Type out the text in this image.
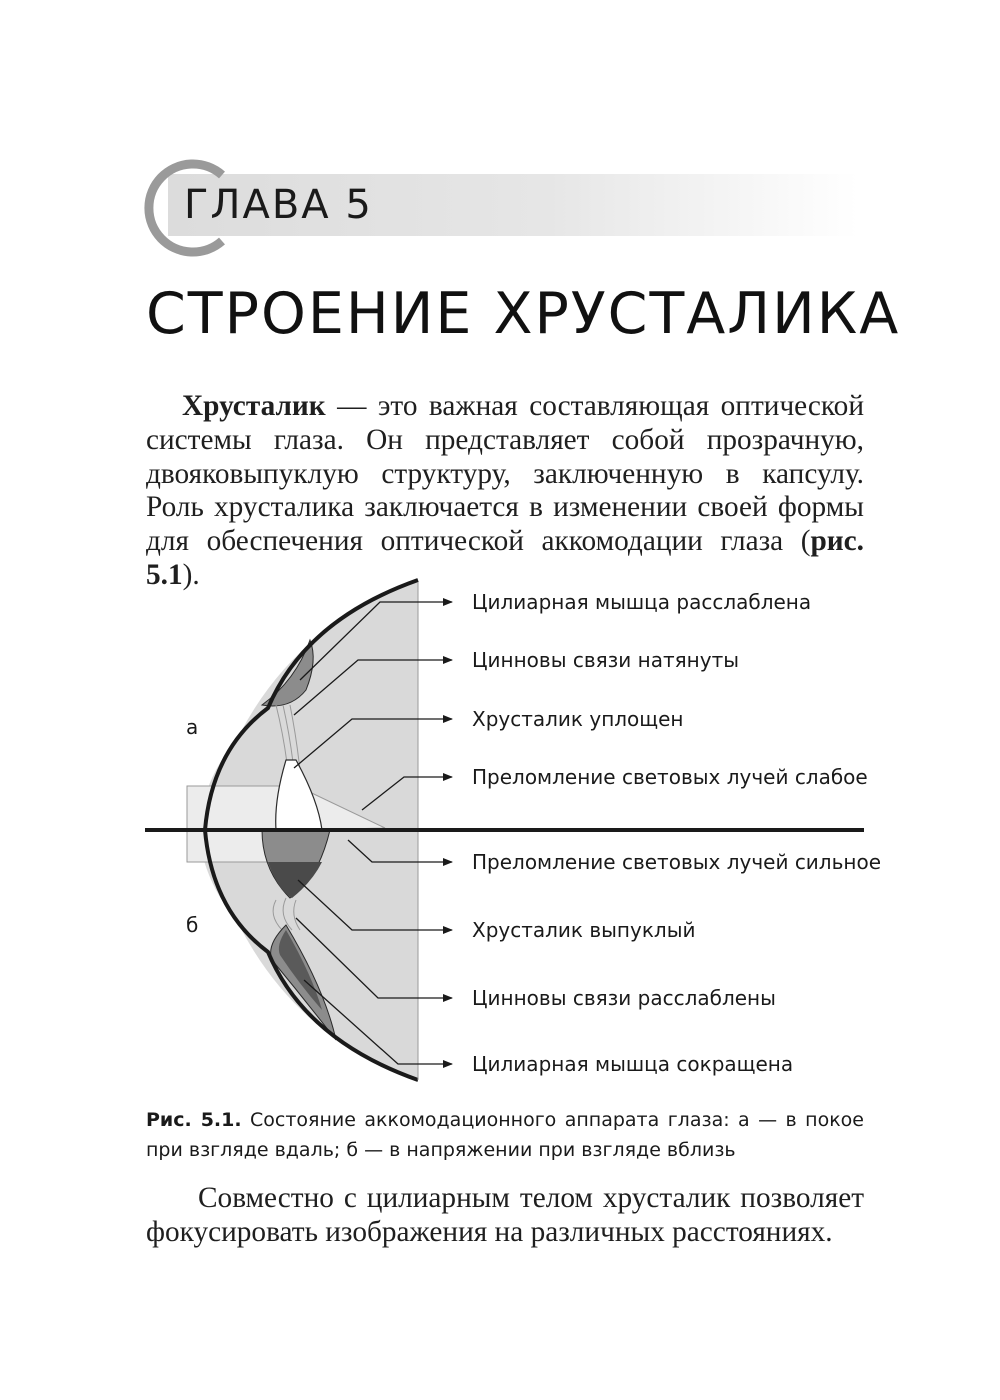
ГЛАВА 5
СТРОЕНИЕ ХРУСТАЛИКА

Хрусталик — это важная составляющая оптической системы глаза. Он представляет собой прозрачную, двояковыпуклую структуру, заключенную в капсулу. Роль хрусталика заключается в изменении своей формы для обеспечения оптической аккомодации глаза (рис. 5.1).

а
б
Цилиарная мышца расслаблена
Цинновы связи натянуты
Хрусталик уплощен
Преломление световых лучей слабое
Преломление световых лучей сильное
Хрусталик выпуклый
Цинновы связи расслаблены
Цилиарная мышца сокращена
Рис. 5.1. Состояние аккомодационного аппарата глаза: а — в покое при взгляде вдаль; б — в напряжении при взгляде вблизь

Совместно с цилиарным телом хрусталик позволяет фокусировать изображения на различных расстояниях.
